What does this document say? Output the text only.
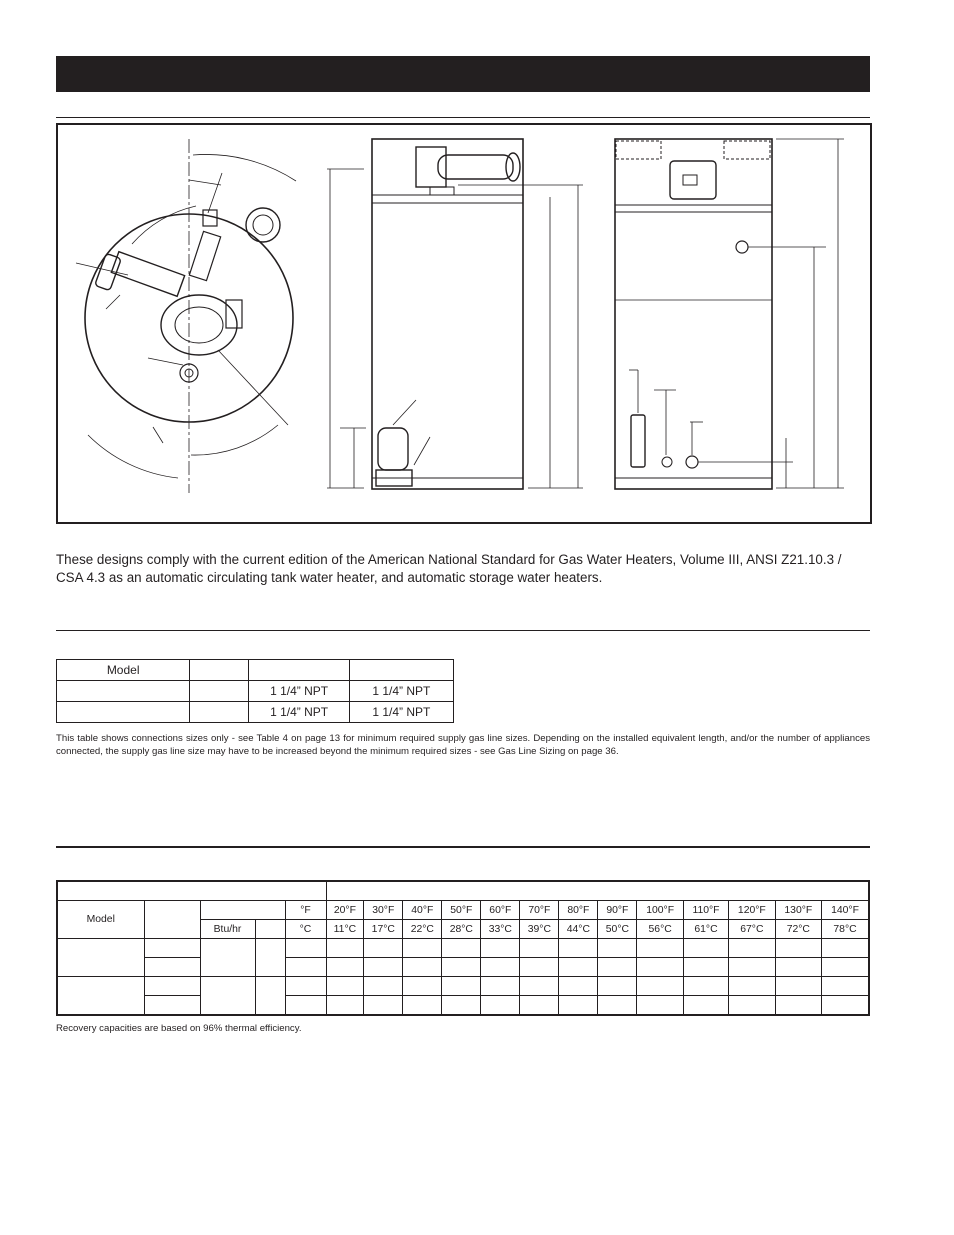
These designs comply with the current edition of the American National Standard for Gas Water Heaters, Volume III, ANSI Z21.10.3 / CSA 4.3 as an automatic circulating tank water heater, and automatic storage water heaters.
Model			
		1 1/4” NPT	1 1/4” NPT
		1 1/4” NPT	1 1/4” NPT
This table shows connections sizes only - see Table 4 on page 13 for minimum required supply gas line sizes. Depending on the installed equivalent length, and/or the number of appliances connected, the supply gas line size may have to be increased beyond the minimum required sizes - see Gas Line Sizing on page 36.

Model				°F	20°F	30°F	40°F	50°F	60°F	70°F	80°F	90°F	100°F	110°F	120°F	130°F	140°F
		Btu/hr		°C	11°C	17°C	22°C	28°C	33°C	39°C	44°C	50°C	56°C	61°C	67°C	72°C	78°C

Recovery capacities are based on 96% thermal efficiency.
